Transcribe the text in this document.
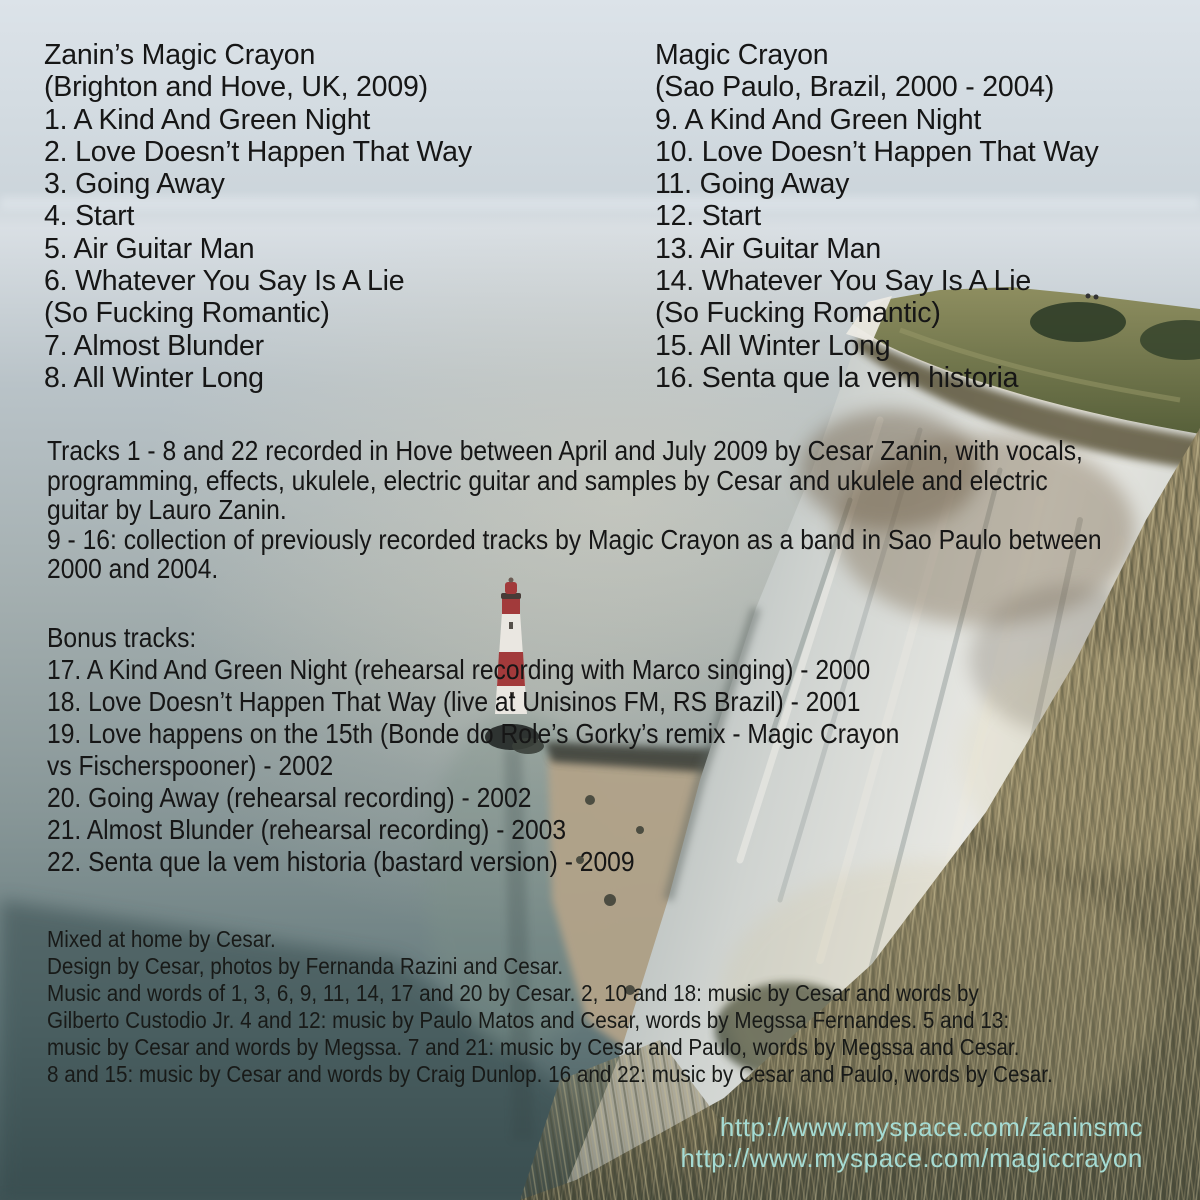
Zanin’s Magic Crayon
(Brighton and Hove, UK, 2009)
1. A Kind And Green Night
2. Love Doesn’t Happen That Way
3. Going Away
4. Start
5. Air Guitar Man
6. Whatever You Say Is A Lie
(So Fucking Romantic)
7. Almost Blunder
8. All Winter Long
Magic Crayon
(Sao Paulo, Brazil, 2000 - 2004)
9. A Kind And Green Night
10. Love Doesn’t Happen That Way
11. Going Away
12. Start
13. Air Guitar Man
14. Whatever You Say Is A Lie
(So Fucking Romantic)
15. All Winter Long
16. Senta que la vem historia
Tracks 1 - 8 and 22 recorded in Hove between April and July 2009 by Cesar Zanin, with vocals,
programming, effects, ukulele, electric guitar and samples by Cesar and ukulele and electric
guitar by Lauro Zanin.
9 - 16: collection of previously recorded tracks by Magic Crayon as a band in Sao Paulo between
2000 and 2004.
Bonus tracks:
17. A Kind And Green Night (rehearsal recording with Marco singing) - 2000
18. Love Doesn’t Happen That Way (live at Unisinos FM, RS Brazil) - 2001
19. Love happens on the 15th (Bonde do Role’s Gorky’s remix - Magic Crayon
vs Fischerspooner) - 2002
20. Going Away (rehearsal recording) - 2002
21. Almost Blunder (rehearsal recording) - 2003
22. Senta que la vem historia (bastard version) - 2009
Mixed at home by Cesar.
Design by Cesar, photos by Fernanda Razini and Cesar.
Music and words of 1, 3, 6, 9, 11, 14, 17 and 20 by Cesar. 2, 10 and 18: music by Cesar and words by
Gilberto Custodio Jr. 4 and 12: music by Paulo Matos and Cesar, words by Megssa Fernandes. 5 and 13:
music by Cesar and words by Megssa. 7 and 21: music by Cesar and Paulo, words by Megssa and Cesar.
8 and 15: music by Cesar and words by Craig Dunlop. 16 and 22: music by Cesar and Paulo, words by Cesar.
http://www.myspace.com/zaninsmc
http://www.myspace.com/magiccrayon
